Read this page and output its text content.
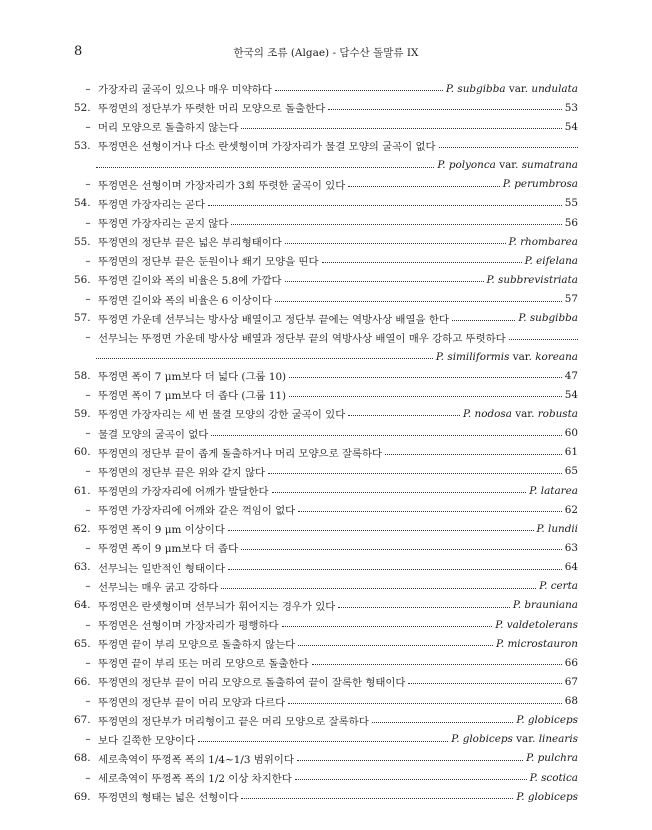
8	한국의 조류 (Algae) - 담수산 돌말류 IX
– 가장자리 굴곡이 있으나 매우 미약하다	P. subgibba var. undulata
52. 뚜껑면의 정단부가 뚜렷한 머리 모양으로 돌출한다	53
– 머리 모양으로 돌출하지 않는다	54
53. 뚜껑면은 선형이거나 다소 란셋형이며 가장자리가 물결 모양의 굴곡이 없다
P. polyonca var. sumatrana
– 뚜껑면은 선형이며 가장자리가 3회 뚜렷한 굴곡이 있다	P. perumbrosa
54. 뚜껑면 가장자리는 곧다	55
– 뚜껑면 가장자리는 곧지 않다	56
55. 뚜껑면의 정단부 끝은 넓은 부리형태이다	P. rhombarea
– 뚜껑면의 정단부 끝은 둔원이나 쐐기 모양을 띤다	P. eifelana
56. 뚜껑면 길이와 폭의 비율은 5.8에 가깝다	P. subbrevistriata
– 뚜껑면 길이와 폭의 비율은 6 이상이다	57
57. 뚜껑면 가운데 선무늬는 방사상 배열이고 정단부 끝에는 역방사상 배열을 한다	P. subgibba
– 선무늬는 뚜껑면 가운데 방사상 배열과 정단부 끝의 역방사상 배열이 매우 강하고 뚜렷하다
P. similiformis var. koreana
58. 뚜껑면 폭이 7 μm보다 더 넓다 (그룹 10)	47
– 뚜껑면 폭이 7 μm보다 더 좁다 (그룹 11)	54
59. 뚜껑면 가장자리는 세 번 물결 모양의 강한 굴곡이 있다	P. nodosa var. robusta
– 물결 모양의 굴곡이 없다	60
60. 뚜껑면의 정단부 끝이 좁게 돌출하거나 머리 모양으로 잘록하다	61
– 뚜껑면의 정단부 끝은 위와 같지 않다	65
61. 뚜껑면의 가장자리에 어깨가 발달한다	P. latarea
– 뚜껑면 가장자리에 어깨와 같은 꺽임이 없다	62
62. 뚜껑면 폭이 9 μm 이상이다	P. lundii
– 뚜껑면 폭이 9 μm보다 더 좁다	63
63. 선무늬는 일반적인 형태이다	64
– 선무늬는 매우 굵고 강하다	P. certa
64. 뚜껑면은 란셋형이며 선무늬가 휘어지는 경우가 있다	P. brauniana
– 뚜껑면은 선형이며 가장자리가 평행하다	P. valdetolerans
65. 뚜껑면 끝이 부리 모양으로 돌출하지 않는다	P. microstauron
– 뚜껑면 끝이 부리 또는 머리 모양으로 돌출한다	66
66. 뚜껑면의 정단부 끝이 머리 모양으로 돌출하여 끝이 잘록한 형태이다	67
– 뚜껑면의 정단부 끝이 머리 모양과 다르다	68
67. 뚜껑면의 정단부가 머리형이고 끝은 머리 모양으로 잘록하다	P. globiceps
– 보다 길쭉한 모양이다	P. globiceps var. linearis
68. 세로축역이 뚜껑폭 폭의 1/4~1/3 범위이다	P. pulchra
– 세로축역이 뚜껑폭 폭의 1/2 이상 차지한다	P. scotica
69. 뚜껑면의 형태는 넓은 선형이다	P. globiceps
